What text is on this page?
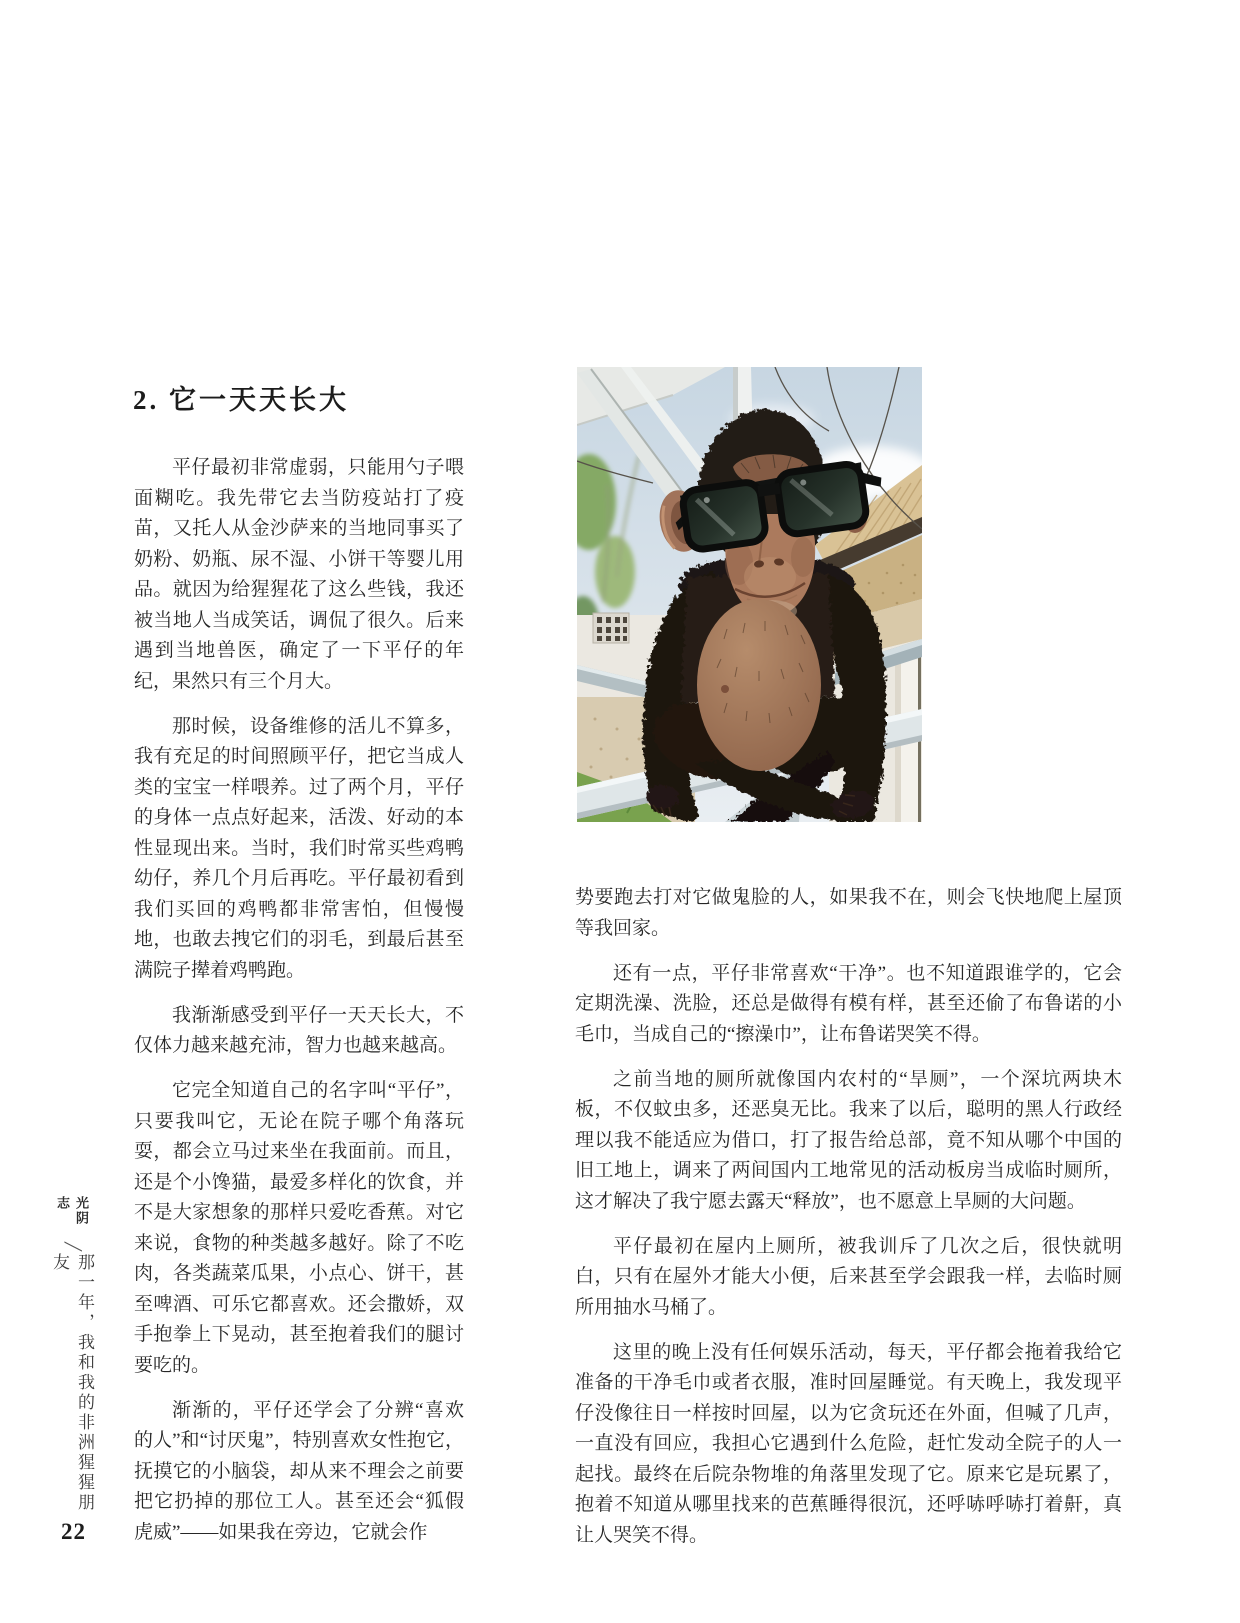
光阴志
╱
那一年，我和我的非洲猩猩朋友
22
2. 它一天天长大

平仔最初非常虚弱，只能用勺子喂面糊吃。我先带它去当防疫站打了疫苗，又托人从金沙萨来的当地同事买了奶粉、奶瓶、尿不湿、小饼干等婴儿用品。就因为给猩猩花了这么些钱，我还被当地人当成笑话，调侃了很久。后来遇到当地兽医，确定了一下平仔的年纪，果然只有三个月大。

那时候，设备维修的活儿不算多，我有充足的时间照顾平仔，把它当成人类的宝宝一样喂养。过了两个月，平仔的身体一点点好起来，活泼、好动的本性显现出来。当时，我们时常买些鸡鸭幼仔，养几个月后再吃。平仔最初看到我们买回的鸡鸭都非常害怕，但慢慢地，也敢去拽它们的羽毛，到最后甚至满院子撵着鸡鸭跑。

我渐渐感受到平仔一天天长大，不仅体力越来越充沛，智力也越来越高。

它完全知道自己的名字叫“平仔”，只要我叫它，无论在院子哪个角落玩耍，都会立马过来坐在我面前。而且，还是个小馋猫，最爱多样化的饮食，并不是大家想象的那样只爱吃香蕉。对它来说，食物的种类越多越好。除了不吃肉，各类蔬菜瓜果，小点心、饼干，甚至啤酒、可乐它都喜欢。还会撒娇，双手抱拳上下晃动，甚至抱着我们的腿讨要吃的。

渐渐的，平仔还学会了分辨“喜欢的人”和“讨厌鬼”，特别喜欢女性抱它，抚摸它的小脑袋，却从来不理会之前要把它扔掉的那位工人。甚至还会“狐假虎威”——如果我在旁边，它就会作

势要跑去打对它做鬼脸的人，如果我不在，则会飞快地爬上屋顶等我回家。

还有一点，平仔非常喜欢“干净”。也不知道跟谁学的，它会定期洗澡、洗脸，还总是做得有模有样，甚至还偷了布鲁诺的小毛巾，当成自己的“擦澡巾”，让布鲁诺哭笑不得。

之前当地的厕所就像国内农村的“旱厕”，一个深坑两块木板，不仅蚊虫多，还恶臭无比。我来了以后，聪明的黑人行政经理以我不能适应为借口，打了报告给总部，竟不知从哪个中国的旧工地上，调来了两间国内工地常见的活动板房当成临时厕所，这才解决了我宁愿去露天“释放”，也不愿意上旱厕的大问题。

平仔最初在屋内上厕所，被我训斥了几次之后，很快就明白，只有在屋外才能大小便，后来甚至学会跟我一样，去临时厕所用抽水马桶了。

这里的晚上没有任何娱乐活动，每天，平仔都会拖着我给它准备的干净毛巾或者衣服，准时回屋睡觉。有天晚上，我发现平仔没像往日一样按时回屋，以为它贪玩还在外面，但喊了几声，一直没有回应，我担心它遇到什么危险，赶忙发动全院子的人一起找。最终在后院杂物堆的角落里发现了它。原来它是玩累了，抱着不知道从哪里找来的芭蕉睡得很沉，还呼哧呼哧打着鼾，真让人哭笑不得。
